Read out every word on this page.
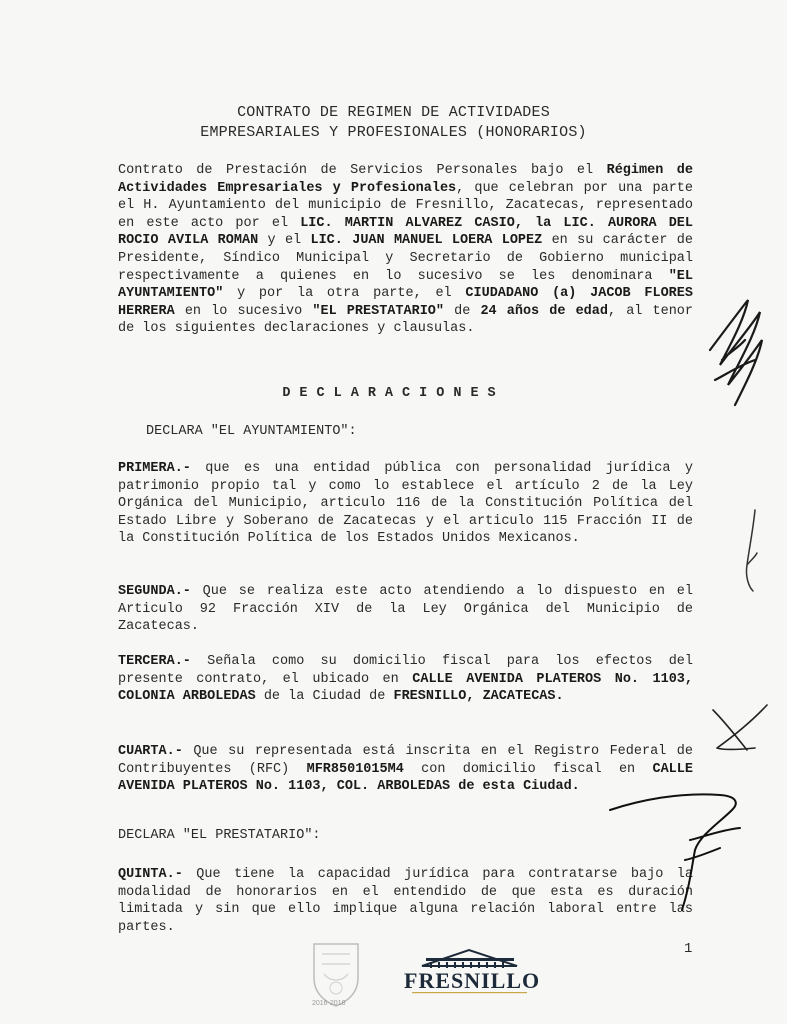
CONTRATO DE REGIMEN DE ACTIVIDADES
EMPRESARIALES Y PROFESIONALES (HONORARIOS)
Contrato de Prestación de Servicios Personales bajo el Régimen de Actividades Empresariales y Profesionales, que celebran por una parte el H. Ayuntamiento del municipio de Fresnillo, Zacatecas, representado en este acto por el LIC. MARTIN ALVAREZ CASIO, la LIC. AURORA DEL ROCIO AVILA ROMAN y el LIC. JUAN MANUEL LOERA LOPEZ en su carácter de Presidente, Síndico Municipal y Secretario de Gobierno municipal respectivamente a quienes en lo sucesivo se les denominara "EL AYUNTAMIENTO" y por la otra parte, el CIUDADANO (a) JACOB FLORES HERRERA en lo sucesivo "EL PRESTATARIO" de 24 años de edad, al tenor de los siguientes declaraciones y clausulas.
DECLARACIONES
DECLARA "EL AYUNTAMIENTO":
PRIMERA.- que es una entidad pública con personalidad jurídica y patrimonio propio tal y como lo establece el artículo 2 de la Ley Orgánica del Municipio, articulo 116 de la Constitución Política del Estado Libre y Soberano de Zacatecas y el articulo 115 Fracción II de la Constitución Política de los Estados Unidos Mexicanos.
SEGUNDA.- Que se realiza este acto atendiendo a lo dispuesto en el Articulo 92 Fracción XIV de la Ley Orgánica del Municipio de Zacatecas.
TERCERA.- Señala como su domicilio fiscal para los efectos del presente contrato, el ubicado en CALLE AVENIDA PLATEROS No. 1103, COLONIA ARBOLEDAS de la Ciudad de FRESNILLO, ZACATECAS.
CUARTA.- Que su representada está inscrita en el Registro Federal de Contribuyentes (RFC) MFR8501015M4 con domicilio fiscal en CALLE AVENIDA PLATEROS No. 1103, COL. ARBOLEDAS de esta Ciudad.
DECLARA "EL PRESTATARIO":
QUINTA.- Que tiene la capacidad jurídica para contratarse bajo la modalidad de honorarios en el entendido de que esta es duración limitada y sin que ello implique alguna relación laboral entre las partes.
1
2016-2018
FRESNILLO
